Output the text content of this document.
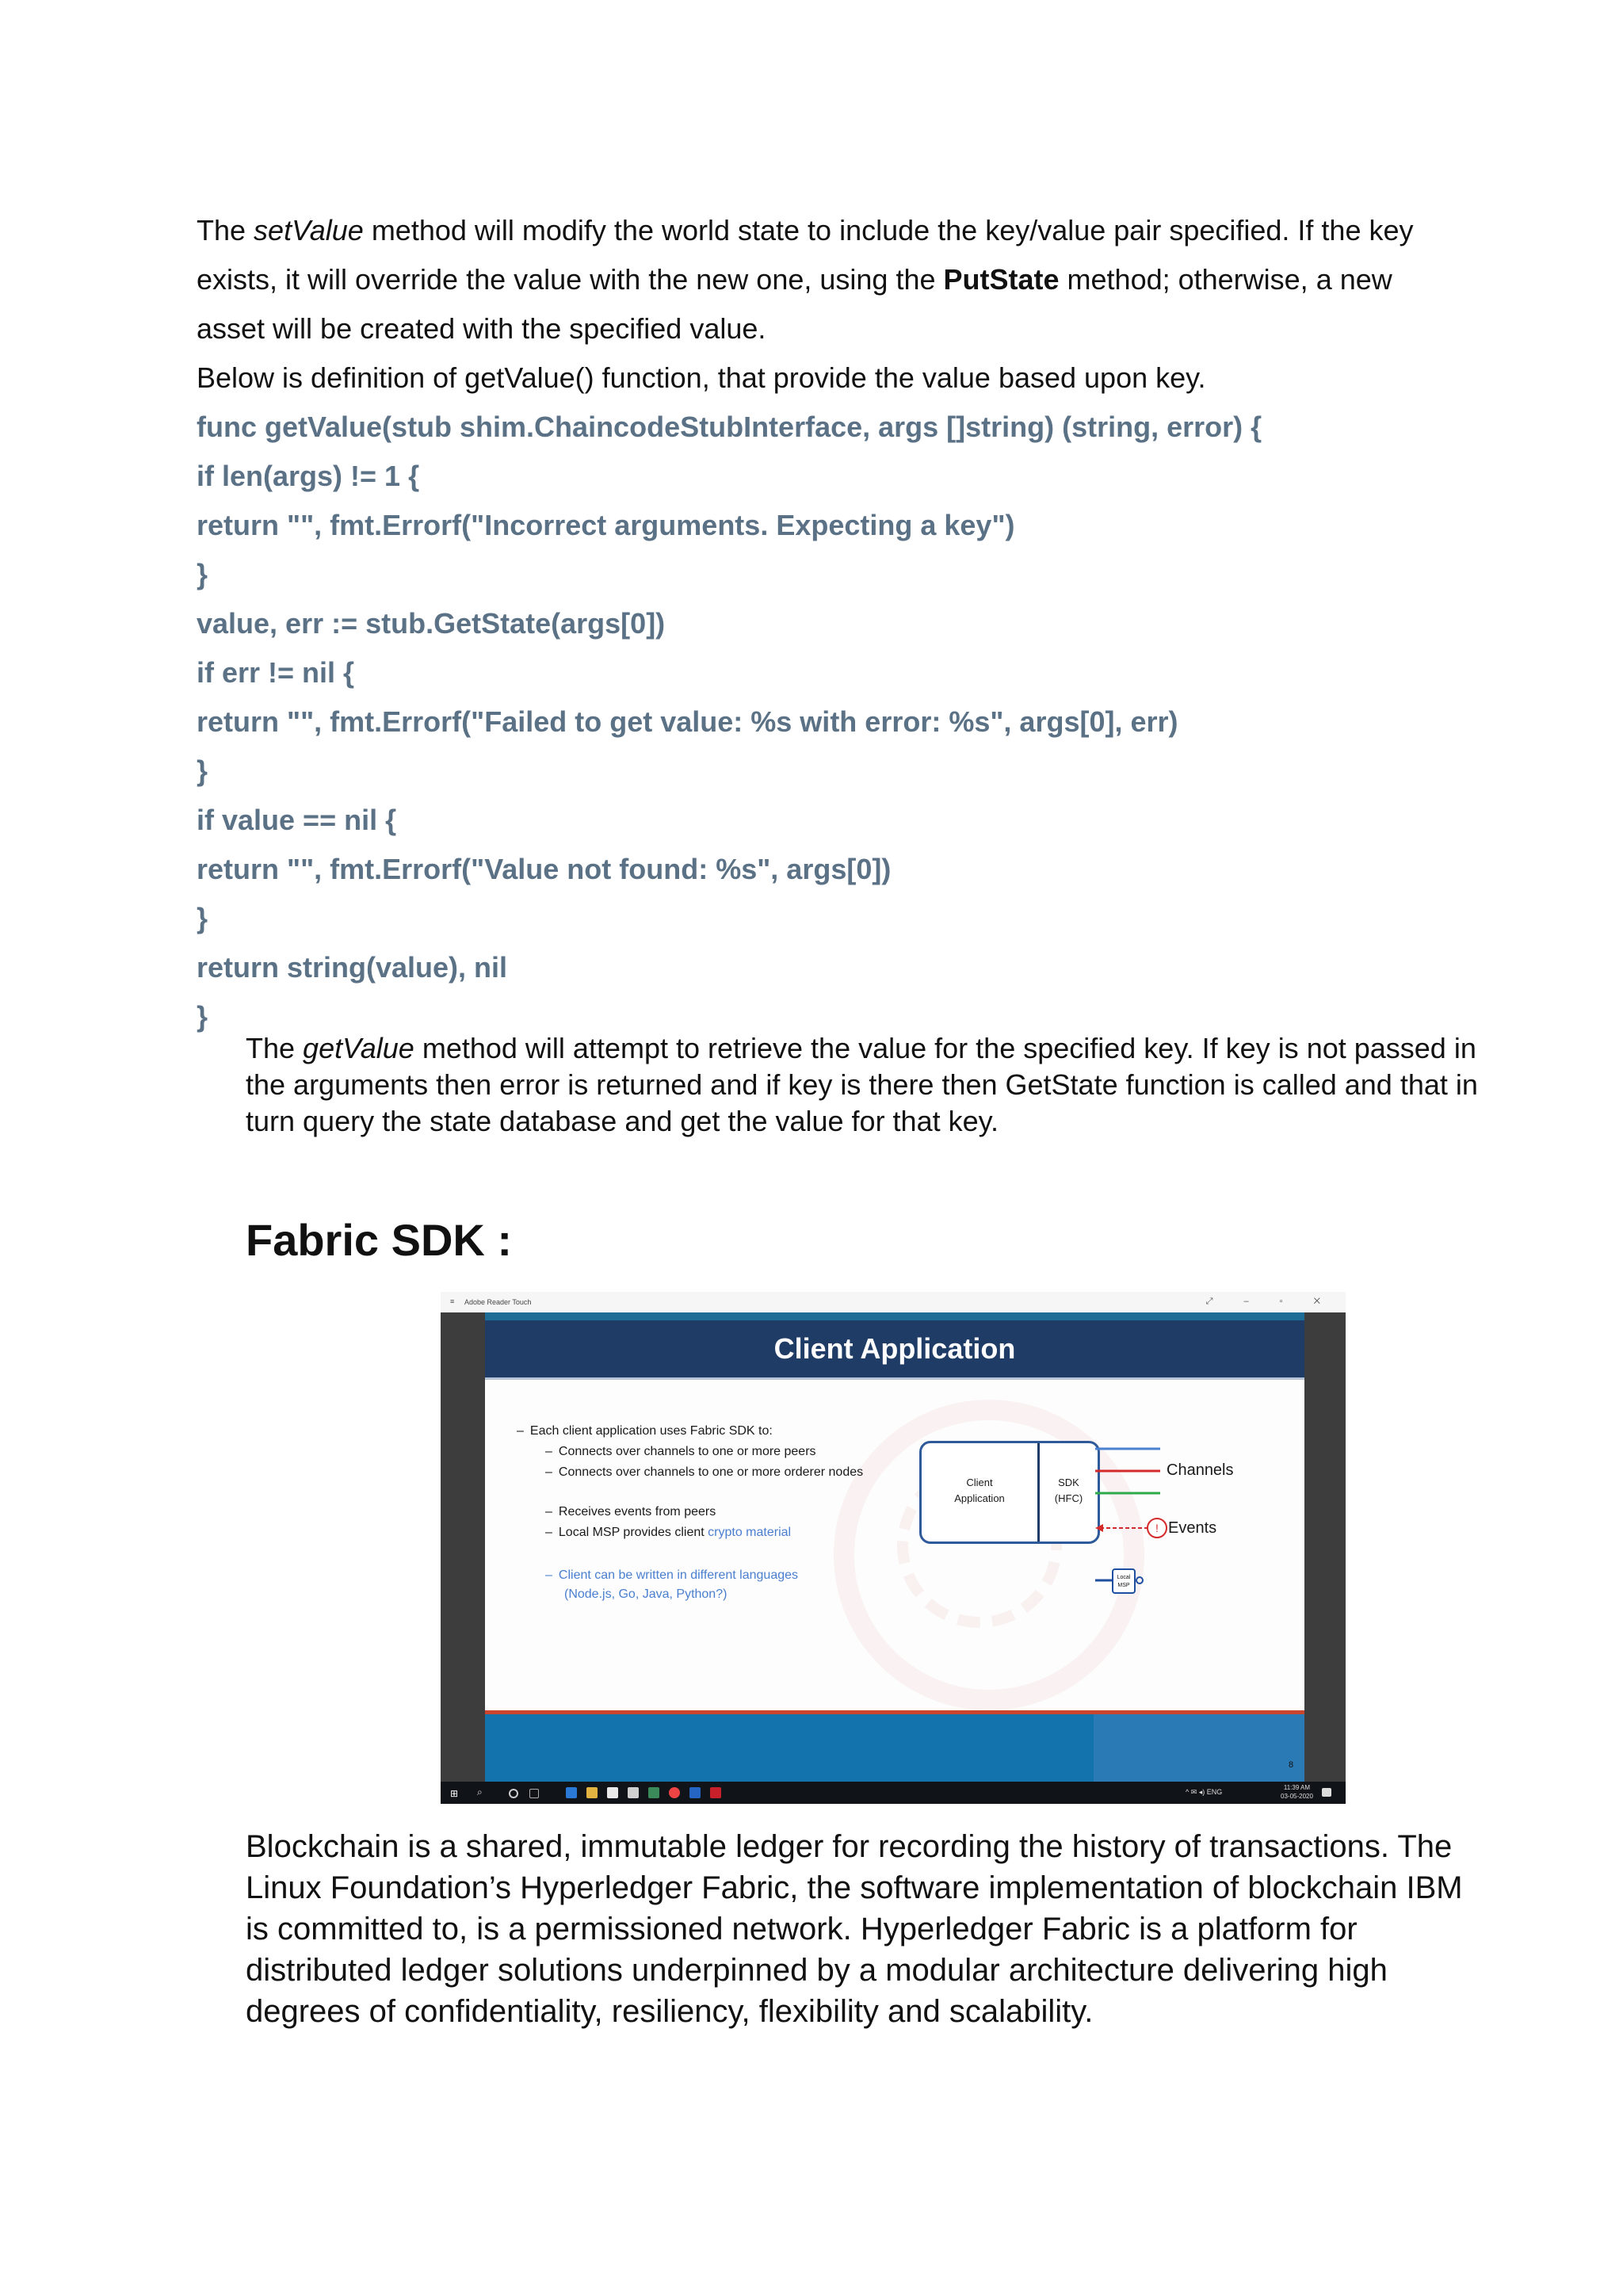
The setValue method will modify the world state to include the key/value pair specified. If the key exists, it will override the value with the new one, using the PutState method; otherwise, a new asset will be created with the specified value.

Below is definition of getValue() function, that provide the value based upon key.

func getValue(stub shim.ChaincodeStubInterface, args []string) (string, error) {
if len(args) != 1 {
return "", fmt.Errorf("Incorrect arguments. Expecting a key")
}
value, err := stub.GetState(args[0])
if err != nil {
return "", fmt.Errorf("Failed to get value: %s with error: %s", args[0], err)
}
if value == nil {
return "", fmt.Errorf("Value not found: %s", args[0])
}
return string(value), nil
}

The getValue method will attempt to retrieve the value for the specified key. If key is not passed in the arguments then error is returned and if key is there then GetState function is called and that in turn query the state database and get the value for that key.

Fabric SDK :
≡ Adobe Reader Touch	⤢ – ▫ ✕
Client Application
– Each client application uses Fabric SDK to:
– Connects over channels to one or more peers
– Connects over channels to one or more orderer nodes
– Receives events from peers
– Local MSP provides client crypto material
– Client can be written in different languages
(Node.js, Go, Java, Python?)
Client
Application
SDK
(HFC)
!
Local
MSP
Channels
Events
8
⊞ ⌕	^ ✉ ◂) ENG
11:39 AM
03-05-2020

Blockchain is a shared, immutable ledger for recording the history of transactions. The Linux Foundation’s Hyperledger Fabric, the software implementation of blockchain IBM is committed to, is a permissioned network. Hyperledger Fabric is a platform for distributed ledger solutions underpinned by a modular architecture delivering high degrees of confidentiality, resiliency, flexibility and scalability.
